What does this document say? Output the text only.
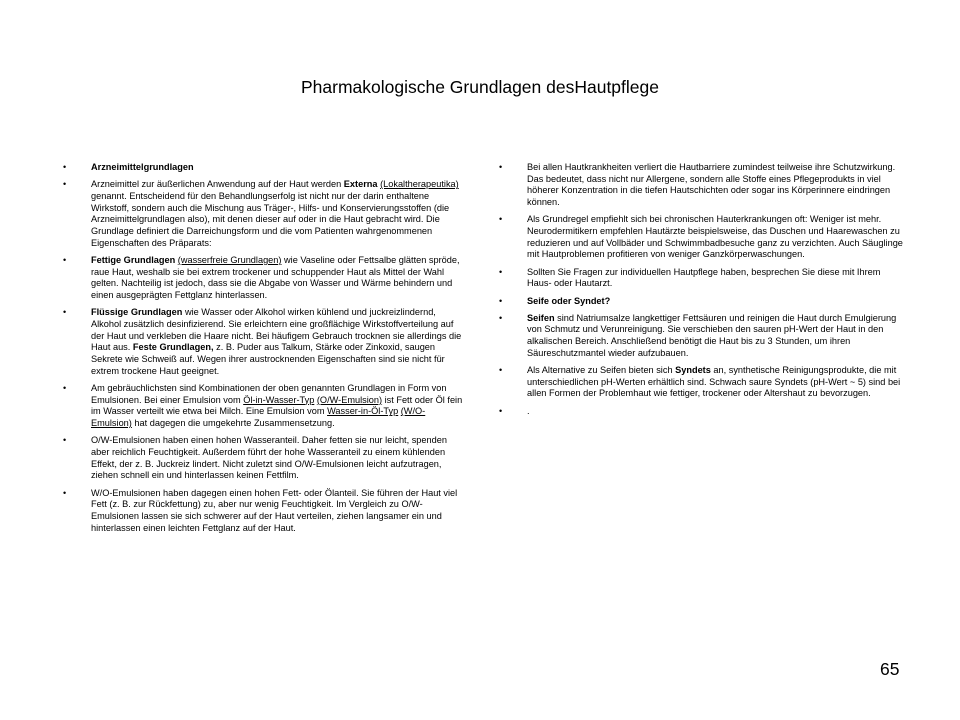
Pharmakologische Grundlagen desHautpflege
•	Arzneimittelgrundlagen
•	Arzneimittel zur äußerlichen Anwendung auf der Haut werden Externa (Lokaltherapeutika) genannt. Entscheidend für den Behandlungserfolg ist nicht nur der darin enthaltene Wirkstoff, sondern auch die Mischung aus Träger-, Hilfs- und Konservierungsstoffen (die Arzneimittelgrundlagen also), mit denen dieser auf oder in die Haut gebracht wird. Die Grundlage definiert die Darreichungsform und die vom Patienten wahrgenommenen Eigenschaften des Präparats:
•	Fettige Grundlagen (wasserfreie Grundlagen) wie Vaseline oder Fettsalbe glätten spröde, raue Haut, weshalb sie bei extrem trockener und schuppender Haut als Mittel der Wahl gelten. Nachteilig ist jedoch, dass sie die Abgabe von Wasser und Wärme behindern und einen ausgeprägten Fettglanz hinterlassen.
•	Flüssige Grundlagen wie Wasser oder Alkohol wirken kühlend und juckreizlindernd, Alkohol zusätzlich desinfizierend. Sie erleichtern eine großflächige Wirkstoffverteilung auf der Haut und verkleben die Haare nicht. Bei häufigem Gebrauch trocknen sie allerdings die Haut aus. Feste Grundlagen, z. B. Puder aus Talkum, Stärke oder Zinkoxid, saugen Sekrete wie Schweiß auf. Wegen ihrer austrocknenden Eigenschaften sind sie nicht für extrem trockene Haut geeignet.
•	Am gebräuchlichsten sind Kombinationen der oben genannten Grundlagen in Form von Emulsionen. Bei einer Emulsion vom Öl-in-Wasser-Typ (O/W-Emulsion) ist Fett oder Öl fein im Wasser verteilt wie etwa bei Milch. Eine Emulsion vom Wasser-in-Öl-Typ (W/O-Emulsion) hat dagegen die umgekehrte Zusammensetzung.
•	O/W-Emulsionen haben einen hohen Wasseranteil. Daher fetten sie nur leicht, spenden aber reichlich Feuchtigkeit. Außerdem führt der hohe Wasseranteil zu einem kühlenden Effekt, der z. B. Juckreiz lindert. Nicht zuletzt sind O/W-Emulsionen leicht aufzutragen, ziehen schnell ein und hinterlassen keinen Fettfilm.
•	W/O-Emulsionen haben dagegen einen hohen Fett- oder Ölanteil. Sie führen der Haut viel Fett (z. B. zur Rückfettung) zu, aber nur wenig Feuchtigkeit. Im Vergleich zu O/W-Emulsionen lassen sie sich schwerer auf der Haut verteilen, ziehen langsamer ein und hinterlassen einen leichten Fettglanz auf der Haut.
•	Bei allen Hautkrankheiten verliert die Hautbarriere zumindest teilweise ihre Schutzwirkung. Das bedeutet, dass nicht nur Allergene, sondern alle Stoffe eines Pflegeprodukts in viel höherer Konzentration in die tiefen Hautschichten oder sogar ins Körperinnere eindringen können.
•	Als Grundregel empfiehlt sich bei chronischen Hauterkrankungen oft: Weniger ist mehr. Neurodermitikern empfehlen Hautärzte beispielsweise, das Duschen und Haarewaschen zu reduzieren und auf Vollbäder und Schwimmbadbesuche ganz zu verzichten. Auch Säuglinge mit Hautproblemen profitieren von weniger Ganzkörperwaschungen.
•	Sollten Sie Fragen zur individuellen Hautpflege haben, besprechen Sie diese mit Ihrem Haus- oder Hautarzt.
•	Seife oder Syndet?
•	Seifen sind Natriumsalze langkettiger Fettsäuren und reinigen die Haut durch Emulgierung von Schmutz und Verunreinigung. Sie verschieben den sauren pH-Wert der Haut in den alkalischen Bereich. Anschließend benötigt die Haut bis zu 3 Stunden, um ihren Säureschutzmantel wieder aufzubauen.
•	Als Alternative zu Seifen bieten sich Syndets an, synthetische Reinigungsprodukte, die mit unterschiedlichen pH-Werten erhältlich sind. Schwach saure Syndets (pH-Wert ~ 5) sind bei allen Formen der Problemhaut wie fettiger, trockener oder Altershaut zu bevorzugen.
•	.
65
